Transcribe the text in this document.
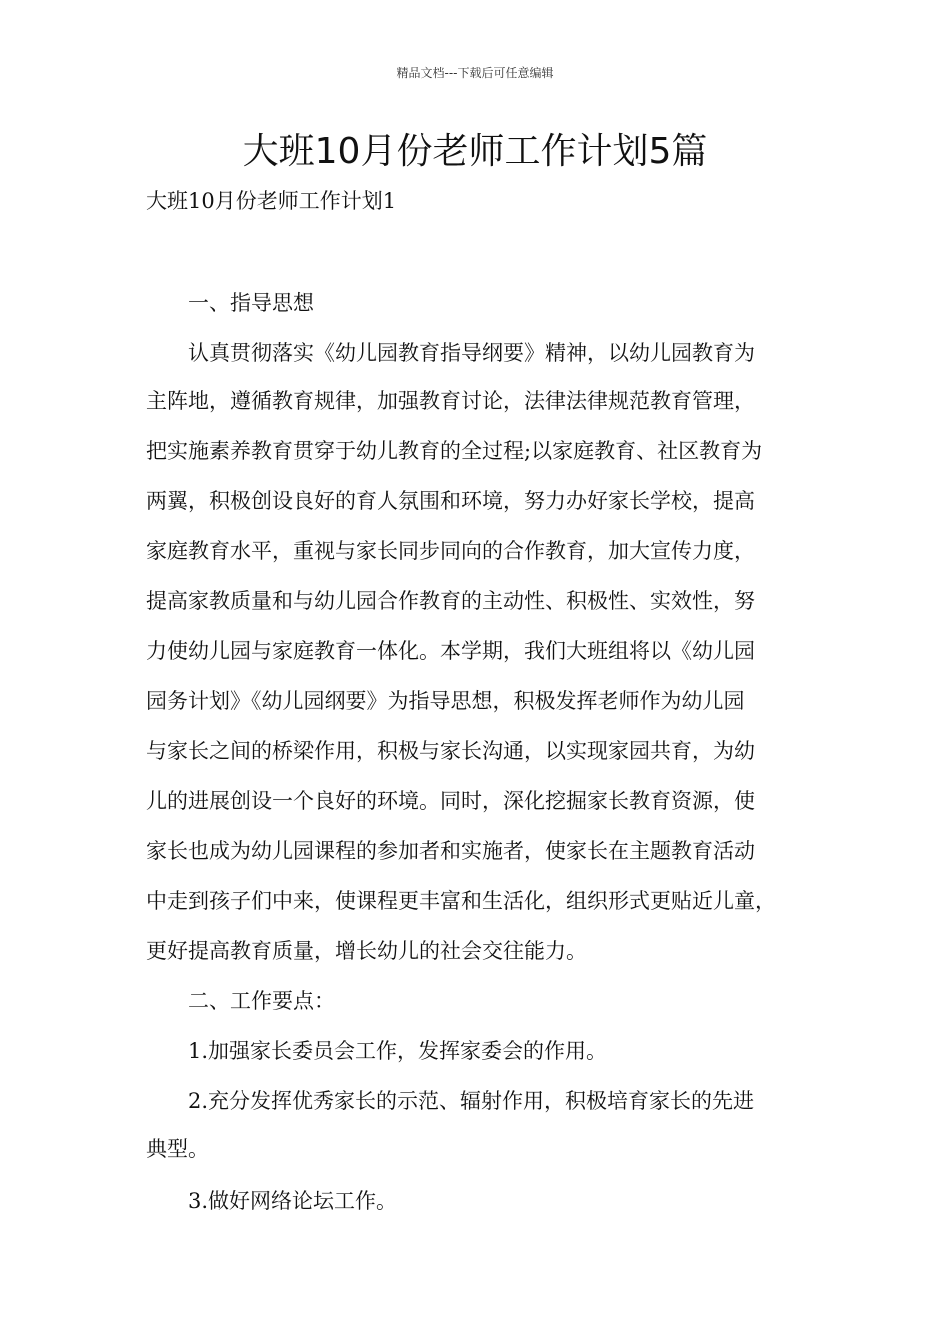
精品文档---下载后可任意编辑
大班10月份老师工作计划5篇
大班10月份老师工作计划1
一、指导思想
认真贯彻落实《幼儿园教育指导纲要》精神，以幼儿园教育为
主阵地，遵循教育规律，加强教育讨论，法律法律规范教育管理，
把实施素养教育贯穿于幼儿教育的全过程;以家庭教育、社区教育为
两翼，积极创设良好的育人氛围和环境，努力办好家长学校，提高
家庭教育水平，重视与家长同步同向的合作教育，加大宣传力度，
提高家教质量和与幼儿园合作教育的主动性、积极性、实效性，努
力使幼儿园与家庭教育一体化。本学期，我们大班组将以《幼儿园
园务计划》《幼儿园纲要》为指导思想，积极发挥老师作为幼儿园
与家长之间的桥梁作用，积极与家长沟通，以实现家园共育，为幼
儿的进展创设一个良好的环境。同时，深化挖掘家长教育资源，使
家长也成为幼儿园课程的参加者和实施者，使家长在主题教育活动
中走到孩子们中来，使课程更丰富和生活化，组织形式更贴近儿童，
更好提高教育质量，增长幼儿的社会交往能力。
二、工作要点：
1.加强家长委员会工作，发挥家委会的作用。
2.充分发挥优秀家长的示范、辐射作用，积极培育家长的先进
典型。
3.做好网络论坛工作。
